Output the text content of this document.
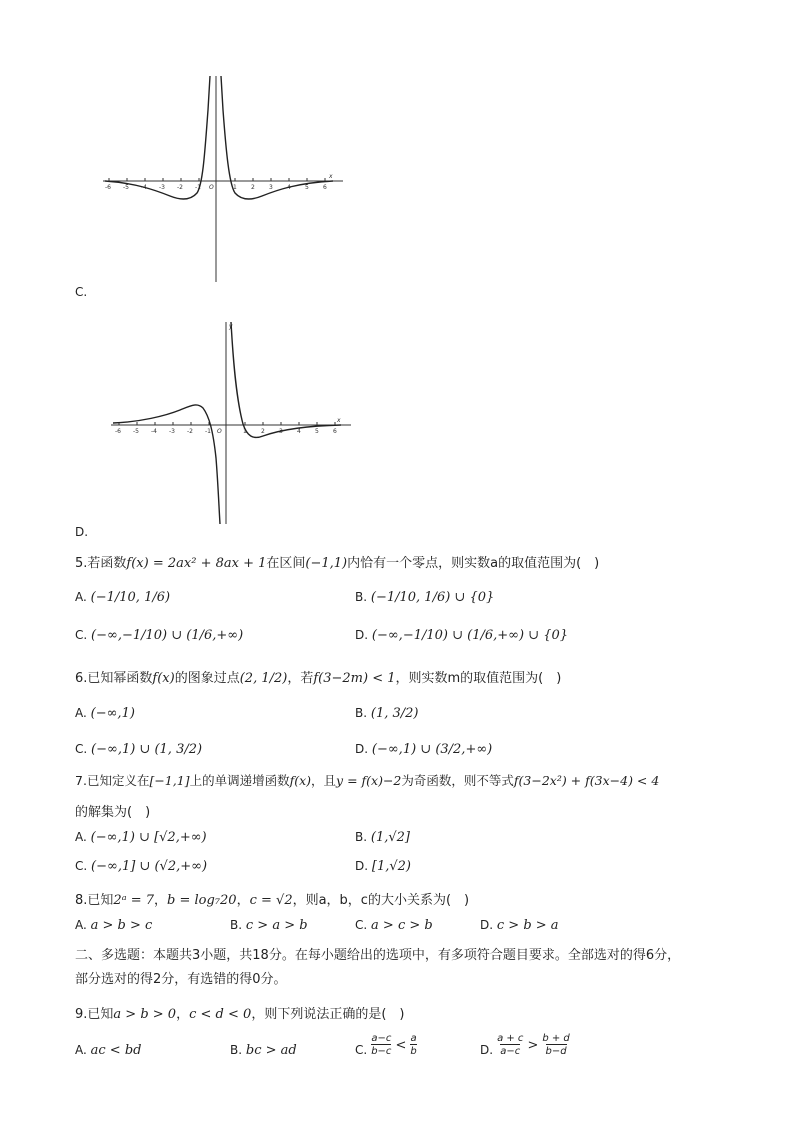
-6 -5 -4 -3 -2 -1	1 2 3 4 5 6
O
x
C.
-6 -5 -4 -3 -2 -1	1 2 3 4 5 6
O
x
y
D.
5.若函数f(x) = 2ax² + 8ax + 1在区间(−1,1)内恰有一个零点，则实数a的取值范围为(　)
A. (−1/10, 1/6)	B. (−1/10, 1/6) ∪ {0}
C. (−∞,−1/10) ∪ (1/6,+∞)	D. (−∞,−1/10) ∪ (1/6,+∞) ∪ {0}
6.已知幂函数f(x)的图象过点(2, 1/2)，若f(3−2m) < 1，则实数m的取值范围为(　)
A. (−∞,1)	B. (1, 3/2)
C. (−∞,1) ∪ (1, 3/2)	D. (−∞,1) ∪ (3/2,+∞)
7.已知定义在[−1,1]上的单调递增函数f(x)，且y = f(x)−2为奇函数，则不等式f(3−2x²) + f(3x−4) < 4
的解集为(　)
A. (−∞,1) ∪ [√2,+∞)	B. (1,√2]
C. (−∞,1] ∪ (√2,+∞)	D. [1,√2)
8.已知2ᵃ = 7，b = log₇20，c = √2，则a，b，c的大小关系为(　)
A. a > b > c	B. c > a > b	C. a > c > b	D. c > b > a
二、多选题：本题共3小题，共18分。在每小题给出的选项中，有多项符合题目要求。全部选对的得6分，
部分选对的得2分，有选错的得0分。
9.已知a > b > 0，c < d < 0，则下列说法正确的是(　)
A. ac < bd	B. bc > ad	C. $\frac{a-c}{b-c} < \frac{a}{b}$	D. $\frac{a + c}{a-c} > \frac{b + d}{b-d}$
